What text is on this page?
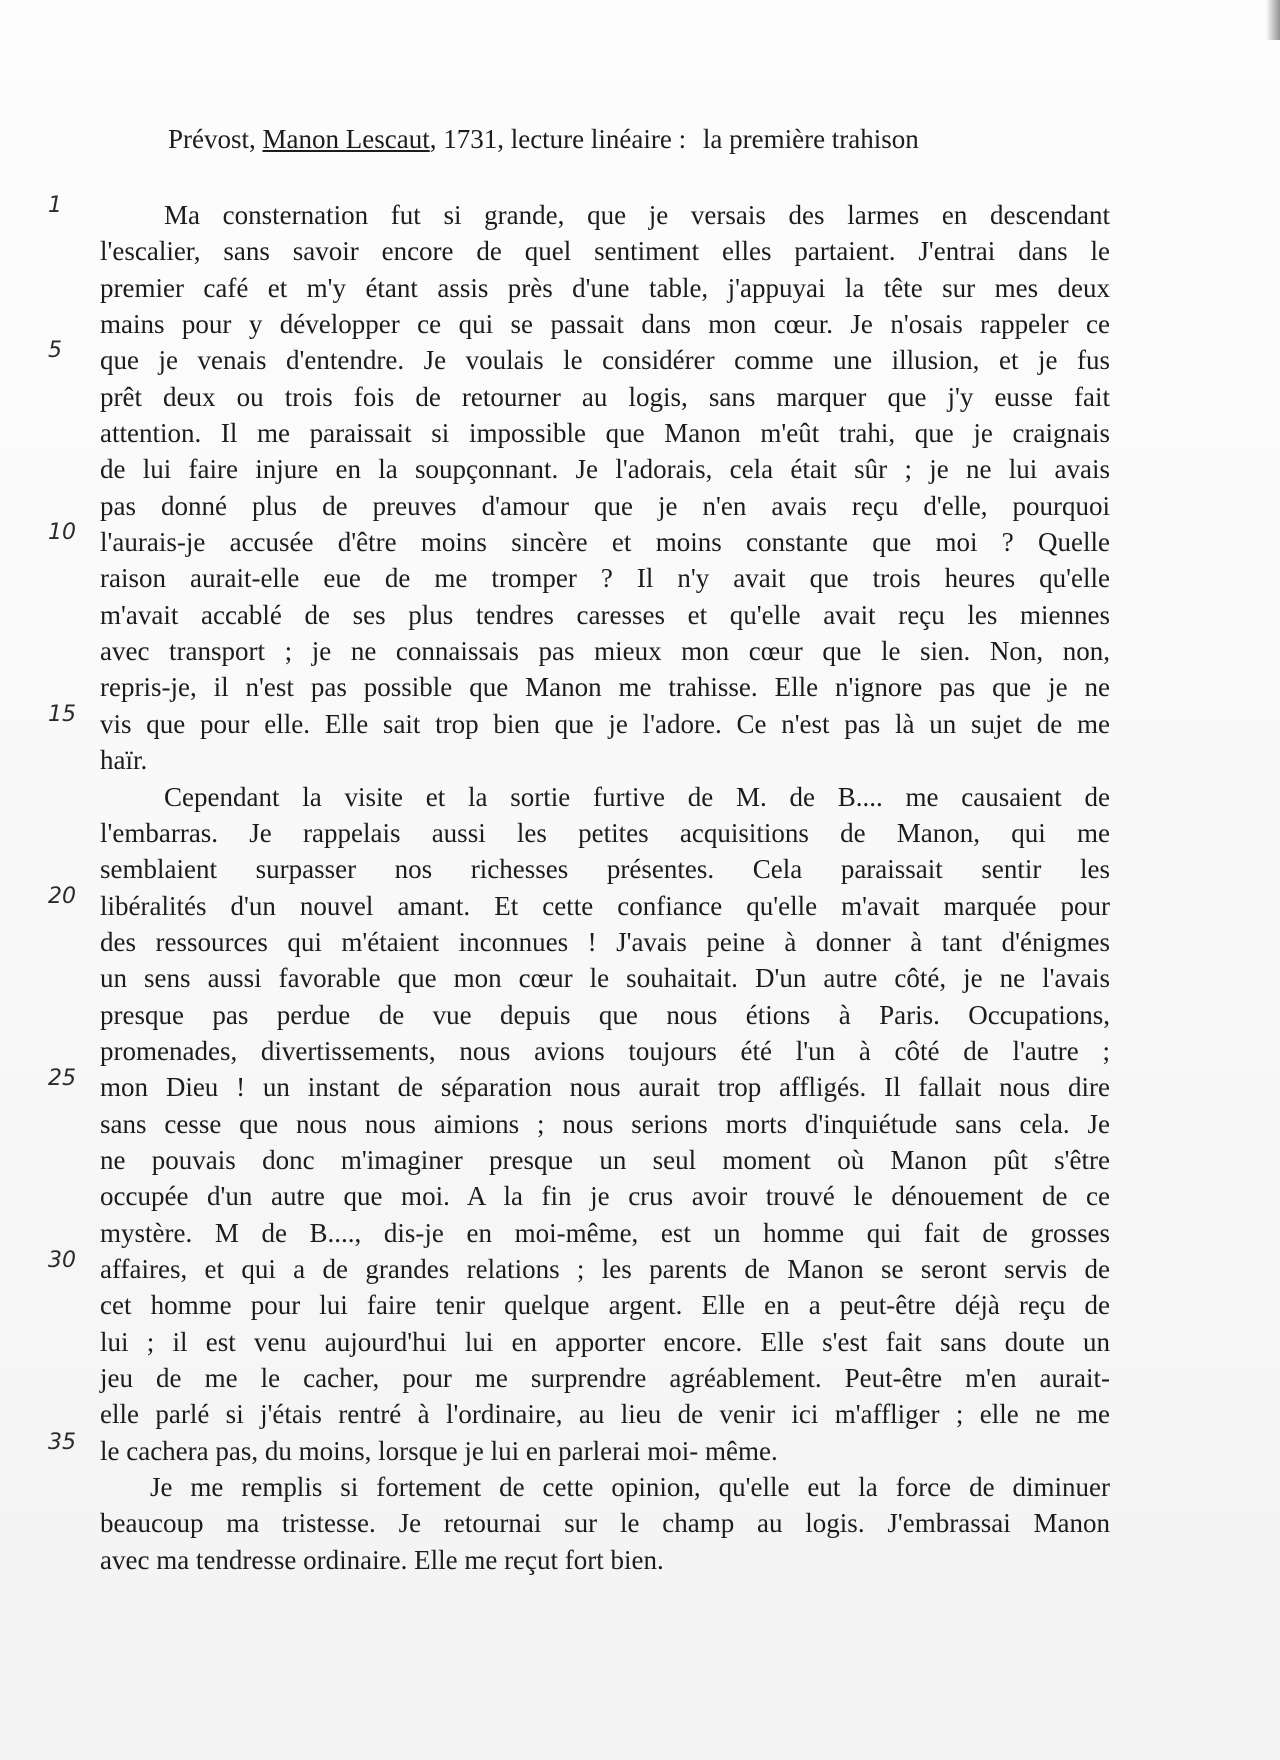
Prévost, Manon Lescaut, 1731, lecture linéaire : la première trahison
1
5
10
15
20
25
30
35
Ma consternation fut si grande, que je versais des larmes en descendant
l'escalier, sans savoir encore de quel sentiment elles partaient. J'entrai dans le
premier café et m'y étant assis près d'une table, j'appuyai la tête sur mes deux
mains pour y développer ce qui se passait dans mon cœur. Je n'osais rappeler ce
que je venais d'entendre. Je voulais le considérer comme une illusion, et je fus
prêt deux ou trois fois de retourner au logis, sans marquer que j'y eusse fait
attention. Il me paraissait si impossible que Manon m'eût trahi, que je craignais
de lui faire injure en la soupçonnant. Je l'adorais, cela était sûr ; je ne lui avais
pas donné plus de preuves d'amour que je n'en avais reçu d'elle, pourquoi
l'aurais-je accusée d'être moins sincère et moins constante que moi ? Quelle
raison aurait-elle eue de me tromper ? Il n'y avait que trois heures qu'elle
m'avait accablé de ses plus tendres caresses et qu'elle avait reçu les miennes
avec transport ; je ne connaissais pas mieux mon cœur que le sien. Non, non,
repris-je, il n'est pas possible que Manon me trahisse. Elle n'ignore pas que je ne
vis que pour elle. Elle sait trop bien que je l'adore. Ce n'est pas là un sujet de me
haïr.
Cependant la visite et la sortie furtive de M. de B.... me causaient de
l'embarras. Je rappelais aussi les petites acquisitions de Manon, qui me
semblaient surpasser nos richesses présentes. Cela paraissait sentir les
libéralités d'un nouvel amant. Et cette confiance qu'elle m'avait marquée pour
des ressources qui m'étaient inconnues ! J'avais peine à donner à tant d'énigmes
un sens aussi favorable que mon cœur le souhaitait. D'un autre côté, je ne l'avais
presque pas perdue de vue depuis que nous étions à Paris. Occupations,
promenades, divertissements, nous avions toujours été l'un à côté de l'autre ;
mon Dieu ! un instant de séparation nous aurait trop affligés. Il fallait nous dire
sans cesse que nous nous aimions ; nous serions morts d'inquiétude sans cela. Je
ne pouvais donc m'imaginer presque un seul moment où Manon pût s'être
occupée d'un autre que moi. A la fin je crus avoir trouvé le dénouement de ce
mystère. M de B...., dis-je en moi-même, est un homme qui fait de grosses
affaires, et qui a de grandes relations ; les parents de Manon se seront servis de
cet homme pour lui faire tenir quelque argent. Elle en a peut-être déjà reçu de
lui ; il est venu aujourd'hui lui en apporter encore. Elle s'est fait sans doute un
jeu de me le cacher, pour me surprendre agréablement. Peut-être m'en aurait-
elle parlé si j'étais rentré à l'ordinaire, au lieu de venir ici m'affliger ; elle ne me
le cachera pas, du moins, lorsque je lui en parlerai moi- même.
Je me remplis si fortement de cette opinion, qu'elle eut la force de diminuer
beaucoup ma tristesse. Je retournai sur le champ au logis. J'embrassai Manon
avec ma tendresse ordinaire. Elle me reçut fort bien.
